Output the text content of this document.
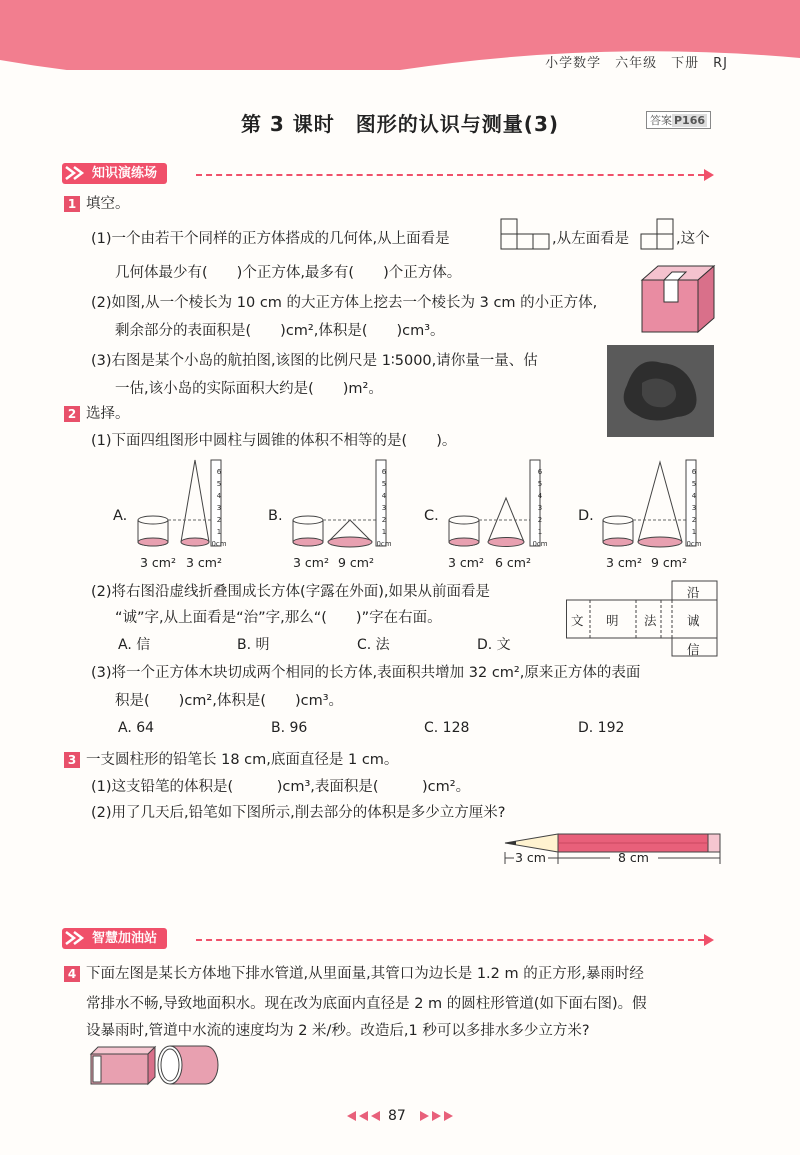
小学数学　六年级　下册　RJ
第 3 课时　图形的认识与测量(3)	答案 P166
知识演练场
1 填空。
(1)一个由若干个同样的正方体搭成的几何体,从上面看是	,从左面看是	,这个
几何体最少有(　　)个正方体,最多有(　　)个正方体。
(2)如图,从一个棱长为 10 cm 的大正方体上挖去一个棱长为 3 cm 的小正方体,
剩余部分的表面积是(　　)cm²,体积是(　　)cm³。
(3)右图是某个小岛的航拍图,该图的比例尺是 1∶5000,请你量一量、估
一估,该小岛的实际面积大约是(　　)m²。
2 选择。
(1)下面四组图形中圆柱与圆锥的体积不相等的是(　　)。
A.
3 cm² 3 cm²
B.
3 cm² 9 cm²
C.
3 cm² 6 cm²
D.
3 cm² 9 cm²
(2)将右图沿虚线折叠围成长方体(字露在外面),如果从前面看是
“诚”字,从上面看是“治”字,那么“(　　)”字在右面。
A. 信	B. 明	C. 法	D. 文
沿
文 明 法 诚
信
(3)将一个正方体木块切成两个相同的长方体,表面积共增加 32 cm²,原来正方体的表面
积是(　　)cm²,体积是(　　)cm³。
A. 64	B. 96	C. 128	D. 192
3 一支圆柱形的铅笔长 18 cm,底面直径是 1 cm。
(1)这支铅笔的体积是(　　　)cm³,表面积是(　　　)cm²。
(2)用了几天后,铅笔如下图所示,削去部分的体积是多少立方厘米?
3 cm	8 cm
智慧加油站
4 下面左图是某长方体地下排水管道,从里面量,其管口为边长是 1.2 m 的正方形,暴雨时经
常排水不畅,导致地面积水。现在改为底面内直径是 2 m 的圆柱形管道(如下面右图)。假
设暴雨时,管道中水流的速度均为 2 米/秒。改造后,1 秒可以多排水多少立方米?
87
6
5
4
3
2
1
0cm
6
5
4
3
2
1
0cm
6
5
4
3
2
1
0cm
6
5
4
3
2
1
0cm
